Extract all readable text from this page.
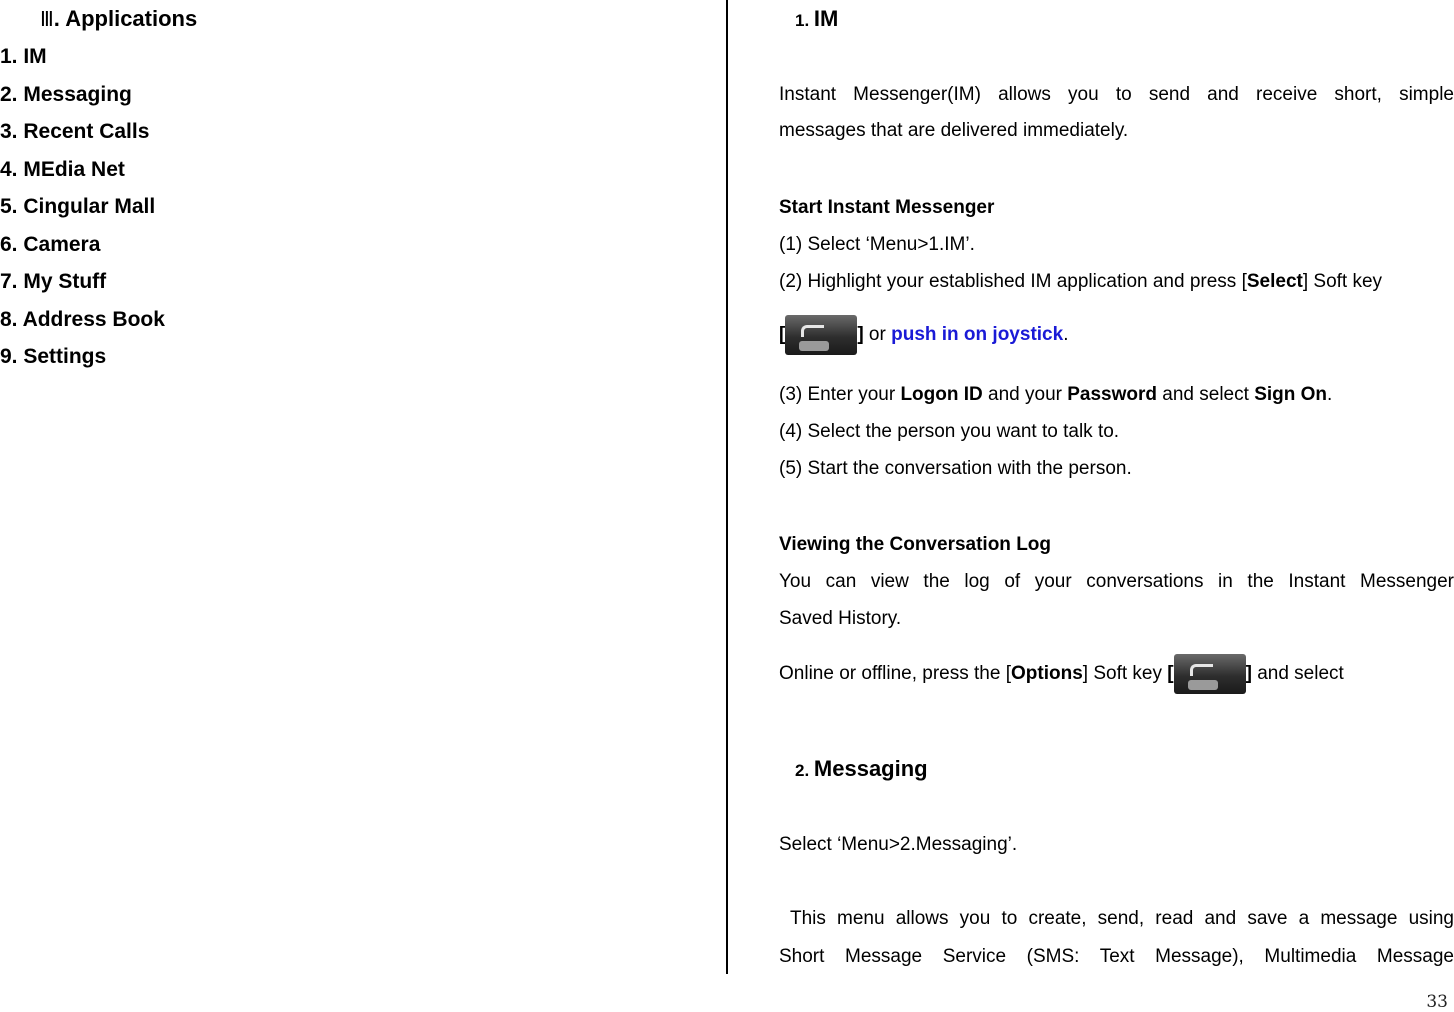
Ⅲ. Applications
1. IM
2. Messaging
3. Recent Calls
4. MEdia Net
5. Cingular Mall
6. Camera
7. My Stuff
8. Address Book
9. Settings
1. IM
Instant Messenger(IM) allows you to send and receive short, simple
messages that are delivered immediately.
Start Instant Messenger
(1) Select ‘Menu>1.IM’.
(2) Highlight your established IM application and press [Select] Soft key
[	] or push in on joystick.
(3) Enter your Logon ID and your Password and select Sign On.
(4) Select the person you want to talk to.
(5) Start the conversation with the person.
Viewing the Conversation Log
You can view the log of your conversations in the Instant Messenger
Saved History.
Online or offline, press the [Options] Soft key [	] and select
2. Messaging
Select ‘Menu>2.Messaging’.
This menu allows you to create, send, read and save a message using
Short Message Service (SMS: Text Message), Multimedia Message
33
